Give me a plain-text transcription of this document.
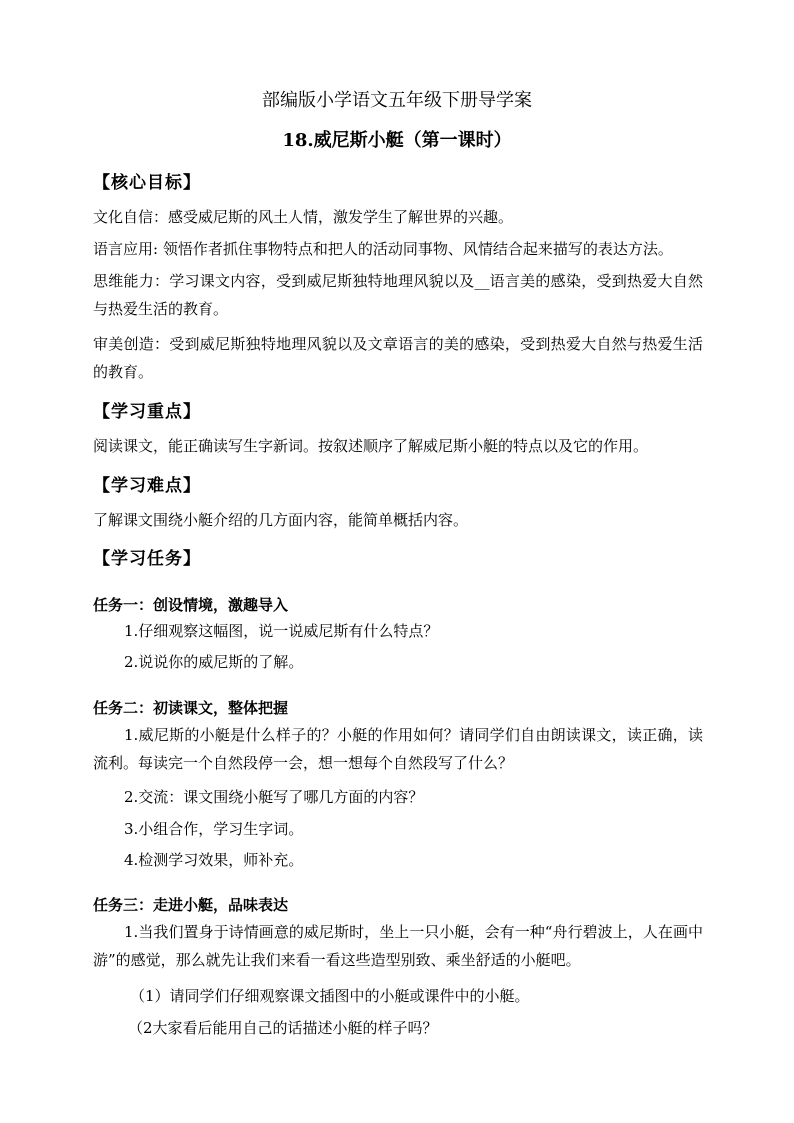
部编版小学语文五年级下册导学案
18.威尼斯小艇（第一课时）
【核心目标】
文化自信：感受威尼斯的风土人情，激发学生了解世界的兴趣。
语言应用: 领悟作者抓住事物特点和把人的活动同事物、风情结合起来描写的表达方法。
思维能力：学习课文内容，受到威尼斯独特地理风貌以及__语言美的感染，受到热爱大自然与热爱生活的教育。
审美创造：受到威尼斯独特地理风貌以及文章语言的美的感染，受到热爱大自然与热爱生活的教育。
【学习重点】
阅读课文，能正确读写生字新词。按叙述顺序了解威尼斯小艇的特点以及它的作用。
【学习难点】
了解课文围绕小艇介绍的几方面内容，能简单概括内容。
【学习任务】
任务一：创设情境，激趣导入
1.仔细观察这幅图，说一说威尼斯有什么特点？
2.说说你的威尼斯的了解。
任务二：初读课文，整体把握
1.威尼斯的小艇是什么样子的？小艇的作用如何？请同学们自由朗读课文，读正确，读流利。每读完一个自然段停一会，想一想每个自然段写了什么？
2.交流：课文围绕小艇写了哪几方面的内容？
3.小组合作，学习生字词。
4.检测学习效果，师补充。
任务三：走进小艇，品味表达
1.当我们置身于诗情画意的威尼斯时，坐上一只小艇，会有一种“舟行碧波上，人在画中游”的感觉，那么就先让我们来看一看这些造型别致、乘坐舒适的小艇吧。
（1）请同学们仔细观察课文插图中的小艇或课件中的小艇。
（2大家看后能用自己的话描述小艇的样子吗？
